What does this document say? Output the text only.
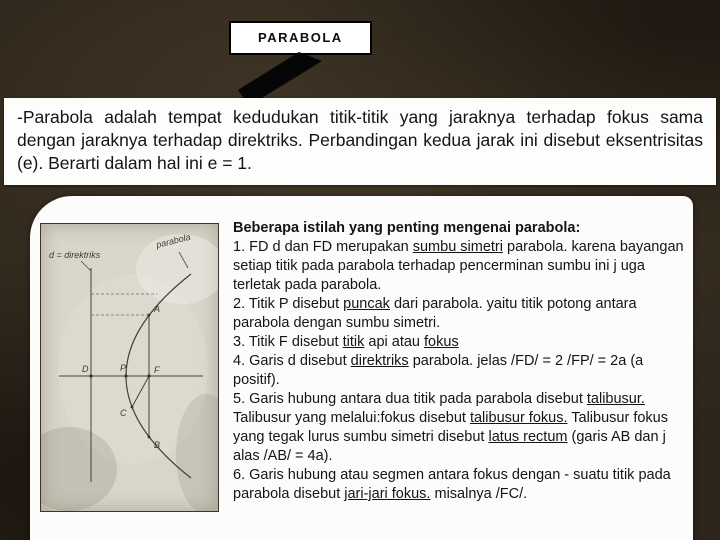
PARABOLA
-Parabola adalah tempat kedudukan titik-titik yang jaraknya terhadap fokus sama dengan jaraknya terhadap direktriks. Perbandingan kedua jarak ini disebut eksentrisitas (e). Berarti dalam hal ini e = 1.
d = direktriks
parabola
D	P	F
A
B
C
Beberapa istilah yang penting mengenai parabola:

1. FD d dan FD merupakan sumbu simetri parabola. karena bayangan setiap titik pada parabola terhadap pencerminan sumbu ini j uga terletak pada parabola.

2. Titik P disebut puncak dari parabola. yaitu titik potong antara parabola dengan sumbu simetri.

3. Titik F disebut titik api atau fokus

4. Garis d disebut direktriks parabola. jelas /FD/ = 2 /FP/ = 2a (a positif).

5. Garis hubung antara dua titik pada parabola disebut talibusur. Talibusur yang melalui:fokus disebut talibusur fokus. Talibusur fokus yang tegak lurus sumbu simetri disebut latus rectum (garis AB dan j alas /AB/ = 4a).

6. Garis hubung atau segmen antara fokus dengan - suatu titik pada parabola disebut jari-jari fokus. misalnya /FC/.
